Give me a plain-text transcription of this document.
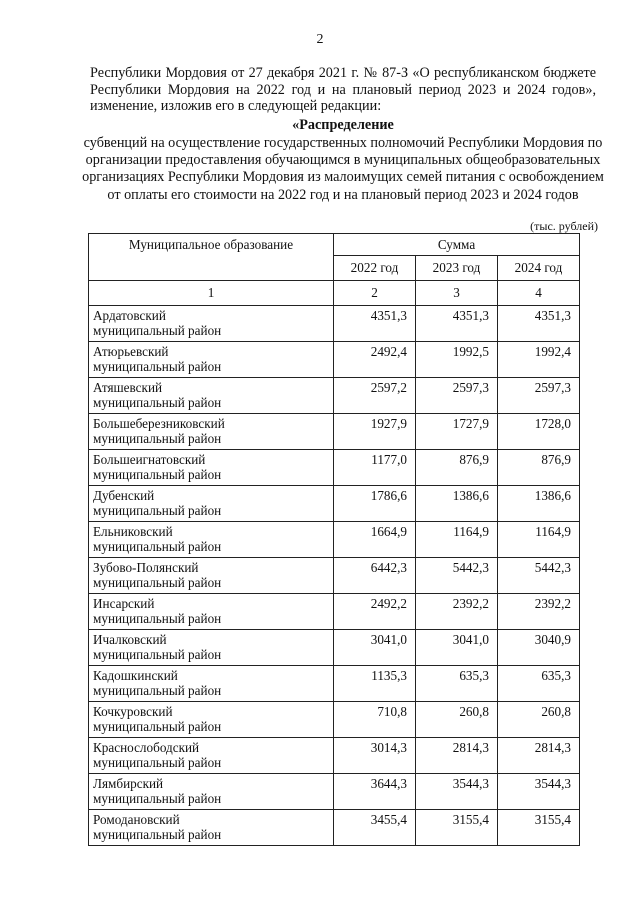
2
Республики Мордовия от 27 декабря 2021 г. № 87-З «О республиканском бюджете Республики Мордовия на 2022 год и на плановый период 2023 и 2024 годов», изменение, изложив его в следующей редакции:
«Распределение
субвенций на осуществление государственных полномочий Республики Мордовия по организации предоставления обучающимся в муниципальных общеобразовательных организациях Республики Мордовия из малоимущих семей питания с освобождением от оплаты его стоимости на 2022 год и на плановый период 2023 и 2024 годов
(тыс. рублей)
Муниципальное образование	Сумма		
	2022 год	2023 год	2024 год
1	2	3	4

Ардатовский
муниципальный район	4351,3	4351,3	4351,3

Атюрьевский
муниципальный район	2492,4	1992,5	1992,4

Атяшевский
муниципальный район	2597,2	2597,3	2597,3

Большеберезниковский
муниципальный район	1927,9	1727,9	1728,0

Большеигнатовский
муниципальный район	1177,0	876,9	876,9

Дубенский
муниципальный район	1786,6	1386,6	1386,6

Ельниковский
муниципальный район	1664,9	1164,9	1164,9

Зубово-Полянский
муниципальный район	6442,3	5442,3	5442,3

Инсарский
муниципальный район	2492,2	2392,2	2392,2

Ичалковский
муниципальный район	3041,0	3041,0	3040,9

Кадошкинский
муниципальный район	1135,3	635,3	635,3

Кочкуровский
муниципальный район	710,8	260,8	260,8

Краснослободский
муниципальный район	3014,3	2814,3	2814,3

Лямбирский
муниципальный район	3644,3	3544,3	3544,3

Ромодановский
муниципальный район	3455,4	3155,4	3155,4
